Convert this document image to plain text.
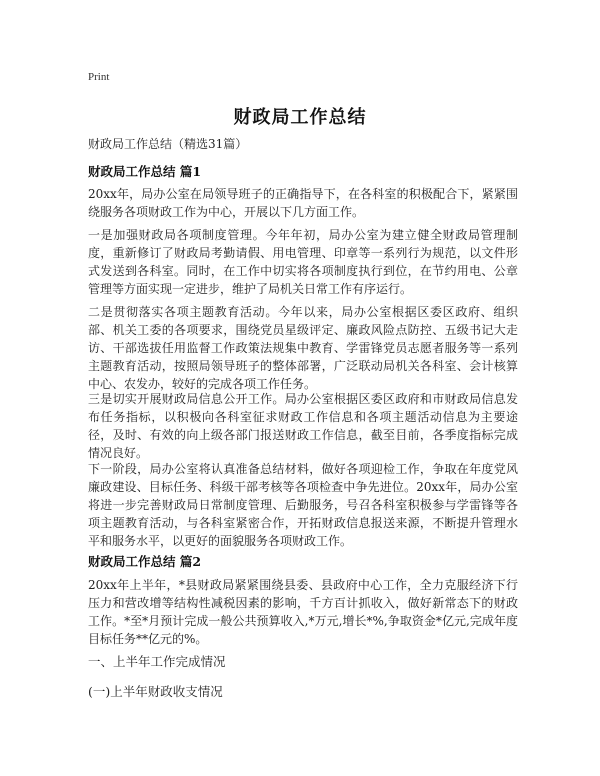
Print
财政局工作总结
财政局工作总结（精选31篇）
财政局工作总结 篇1
20xx年，局办公室在局领导班子的正确指导下，在各科室的积极配合下，紧紧围绕服务各项财政工作为中心，开展以下几方面工作。
一是加强财政局各项制度管理。今年年初，局办公室为建立健全财政局管理制度，重新修订了财政局考勤请假、用电管理、印章等一系列行为规范，以文件形式发送到各科室。同时，在工作中切实将各项制度执行到位，在节约用电、公章管理等方面实现一定进步，维护了局机关日常工作有序运行。
二是贯彻落实各项主题教育活动。今年以来，局办公室根据区委区政府、组织部、机关工委的各项要求，围绕党员星级评定、廉政风险点防控、五级书记大走访、干部选拔任用监督工作政策法规集中教育、学雷锋党员志愿者服务等一系列主题教育活动，按照局领导班子的整体部署，广泛联动局机关各科室、会计核算中心、农发办，较好的完成各项工作任务。
三是切实开展财政局信息公开工作。局办公室根据区委区政府和市财政局信息发布任务指标，以积极向各科室征求财政工作信息和各项主题活动信息为主要途径，及时、有效的向上级各部门报送财政工作信息，截至目前，各季度指标完成情况良好。
下一阶段，局办公室将认真准备总结材料，做好各项迎检工作，争取在年度党风廉政建设、目标任务、科级干部考核等各项检查中争先进位。20xx年，局办公室将进一步完善财政局日常制度管理、后勤服务，号召各科室积极参与学雷锋等各项主题教育活动，与各科室紧密合作，开拓财政信息报送来源，不断提升管理水平和服务水平，以更好的面貌服务各项财政工作。
财政局工作总结 篇2
20xx年上半年，*县财政局紧紧围绕县委、县政府中心工作，全力克服经济下行压力和营改增等结构性减税因素的影响，千方百计抓收入，做好新常态下的财政工作。*至*月预计完成一般公共预算收入,*万元,增长*%,争取资金*亿元,完成年度目标任务**亿元的%。
一、上半年工作完成情况
(一)上半年财政收支情况
